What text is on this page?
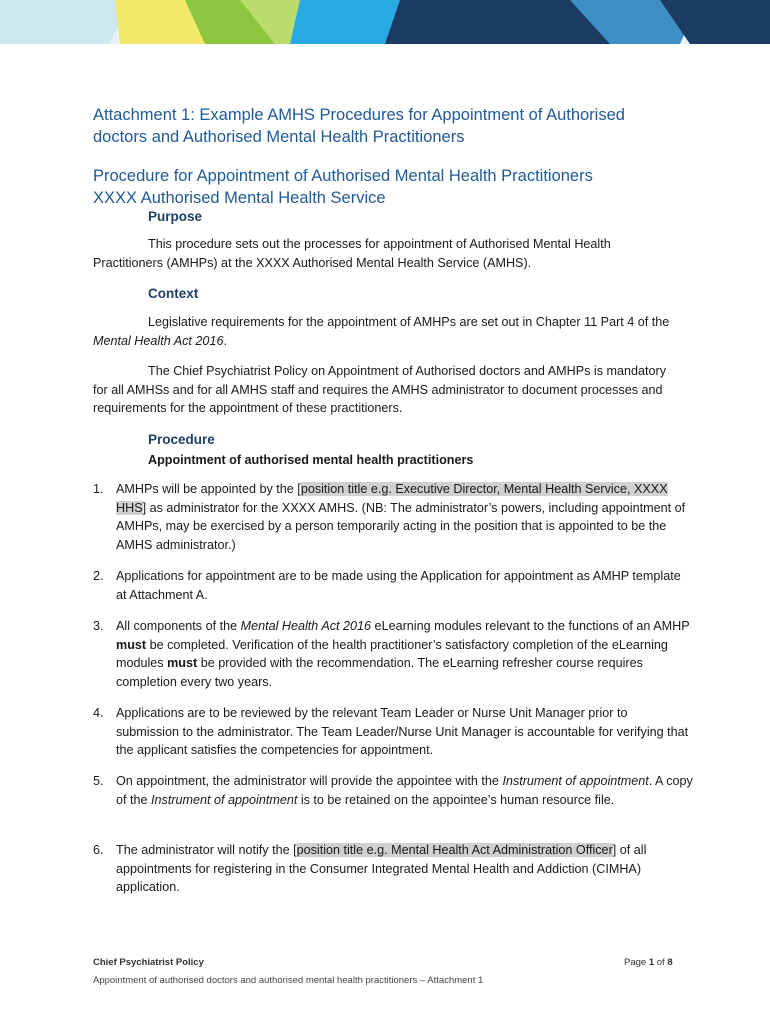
Attachment 1: Example AMHS Procedures for Appointment of Authorised

doctors and Authorised Mental Health Practitioners

Procedure for Appointment of Authorised Mental Health Practitioners
XXXX Authorised Mental Health Service
Purpose
This procedure sets out the processes for appointment of Authorised Mental Health Practitioners (AMHPs) at the XXXX Authorised Mental Health Service (AMHS).
Context
Legislative requirements for the appointment of AMHPs are set out in Chapter 11 Part 4 of the Mental Health Act 2016.
The Chief Psychiatrist Policy on Appointment of Authorised doctors and AMHPs is mandatory for all AMHSs and for all AMHS staff and requires the AMHS administrator to document processes and requirements for the appointment of these practitioners.
Procedure
Appointment of authorised mental health practitioners
1. AMHPs will be appointed by the [position title e.g. Executive Director, Mental Health Service, XXXX HHS] as administrator for the XXXX AMHS. (NB: The administrator’s powers, including appointment of AMHPs, may be exercised by a person temporarily acting in the position that is appointed to be the AMHS administrator.)
2. Applications for appointment are to be made using the Application for appointment as AMHP template at Attachment A.
3. All components of the Mental Health Act 2016 eLearning modules relevant to the functions of an AMHP must be completed. Verification of the health practitioner’s satisfactory completion of the eLearning modules must be provided with the recommendation. The eLearning refresher course requires completion every two years.
4. Applications are to be reviewed by the relevant Team Leader or Nurse Unit Manager prior to submission to the administrator. The Team Leader/Nurse Unit Manager is accountable for verifying that the applicant satisfies the competencies for appointment.
5. On appointment, the administrator will provide the appointee with the Instrument of appointment. A copy of the Instrument of appointment is to be retained on the appointee’s human resource file.
6. The administrator will notify the [position title e.g. Mental Health Act Administration Officer] of all appointments for registering in the Consumer Integrated Mental Health and Addiction (CIMHA) application.
Chief Psychiatrist Policy	Page 1 of 8
Appointment of authorised doctors and authorised mental health practitioners – Attachment 1
